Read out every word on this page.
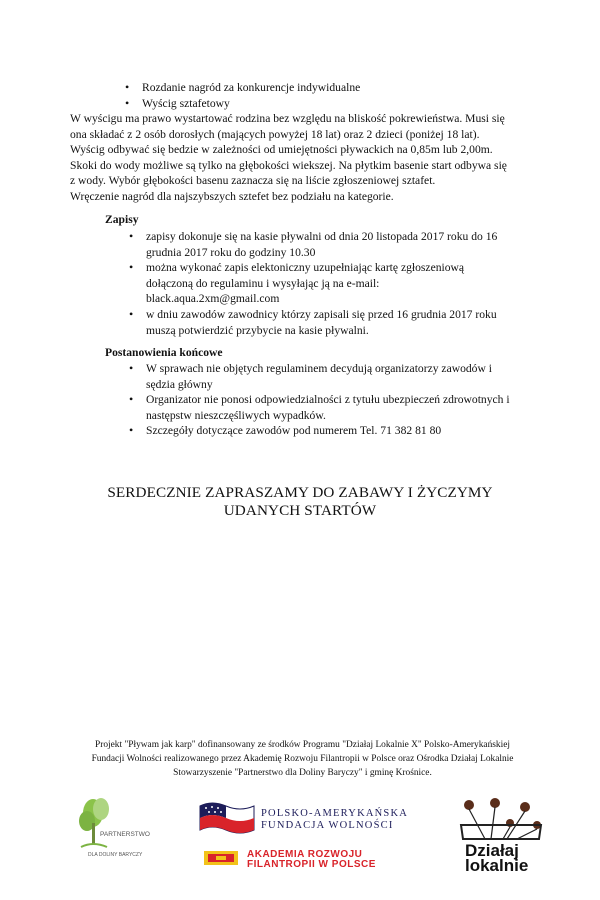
• Rozdanie nagród za konkurencje indywidualne
• Wyścig sztafetowy

W wyścigu ma prawo wystartować rodzina bez względu na bliskość pokrewieństwa. Musi się

ona składać z 2 osób dorosłych (mających powyżej 18 lat) oraz 2 dzieci (poniżej 18 lat).

Wyścig odbywać się bedzie w zależności od umiejętności pływackich na 0,85m lub 2,00m.

Skoki do wody możliwe są tylko na głębokości wiekszej. Na płytkim basenie start odbywa się

z wody. Wybór głębokości basenu zaznacza się na liście zgłoszeniowej sztafet.

Wręczenie nagród dla najszybszych sztefet bez podziału na kategorie.

Zapisy
• zapisy dokonuje się na kasie pływalni od dnia 20 listopada 2017 roku do 16
grudnia 2017 roku do godziny 10.30
• można wykonać zapis elektoniczny uzupełniając kartę zgłoszeniową
dołączoną do regulaminu i wysyłając ją na e-mail:
black.aqua.2xm@gmail.com
• w dniu zawodów zawodnicy którzy zapisali się przed 16 grudnia 2017 roku
muszą potwierdzić przybycie na kasie pływalni.
Postanowienia końcowe
• W sprawach nie objętych regulaminem decydują organizatorzy zawodów i
sędzia główny
• Organizator nie ponosi odpowiedzialności z tytułu ubezpieczeń zdrowotnych i
następstw nieszczęśliwych wypadków.
• Szczegóły dotyczące zawodów pod numerem Tel. 71 382 81 80
SERDECZNIE ZAPRASZAMY DO ZABAWY I ŻYCZYMY
UDANYCH STARTÓW
Projekt "Pływam jak karp" dofinansowany ze środków Programu "Działaj Lokalnie X" Polsko-Amerykańskiej
Fundacji Wolności realizowanego przez Akademię Rozwoju Filantropii w Polsce oraz Ośrodka Działaj Lokalnie
Stowarzyszenie "Partnerstwo dla Doliny Baryczy" i gminę Krośnice.
PARTNERSTWO
DLA DOLINY BARYCZY
POLSKO-AMERYKAŃSKA
FUNDACJA WOLNOŚCI
AKADEMIA ROZWOJU
FILANTROPII W POLSCE
Działaj
lokalnie
